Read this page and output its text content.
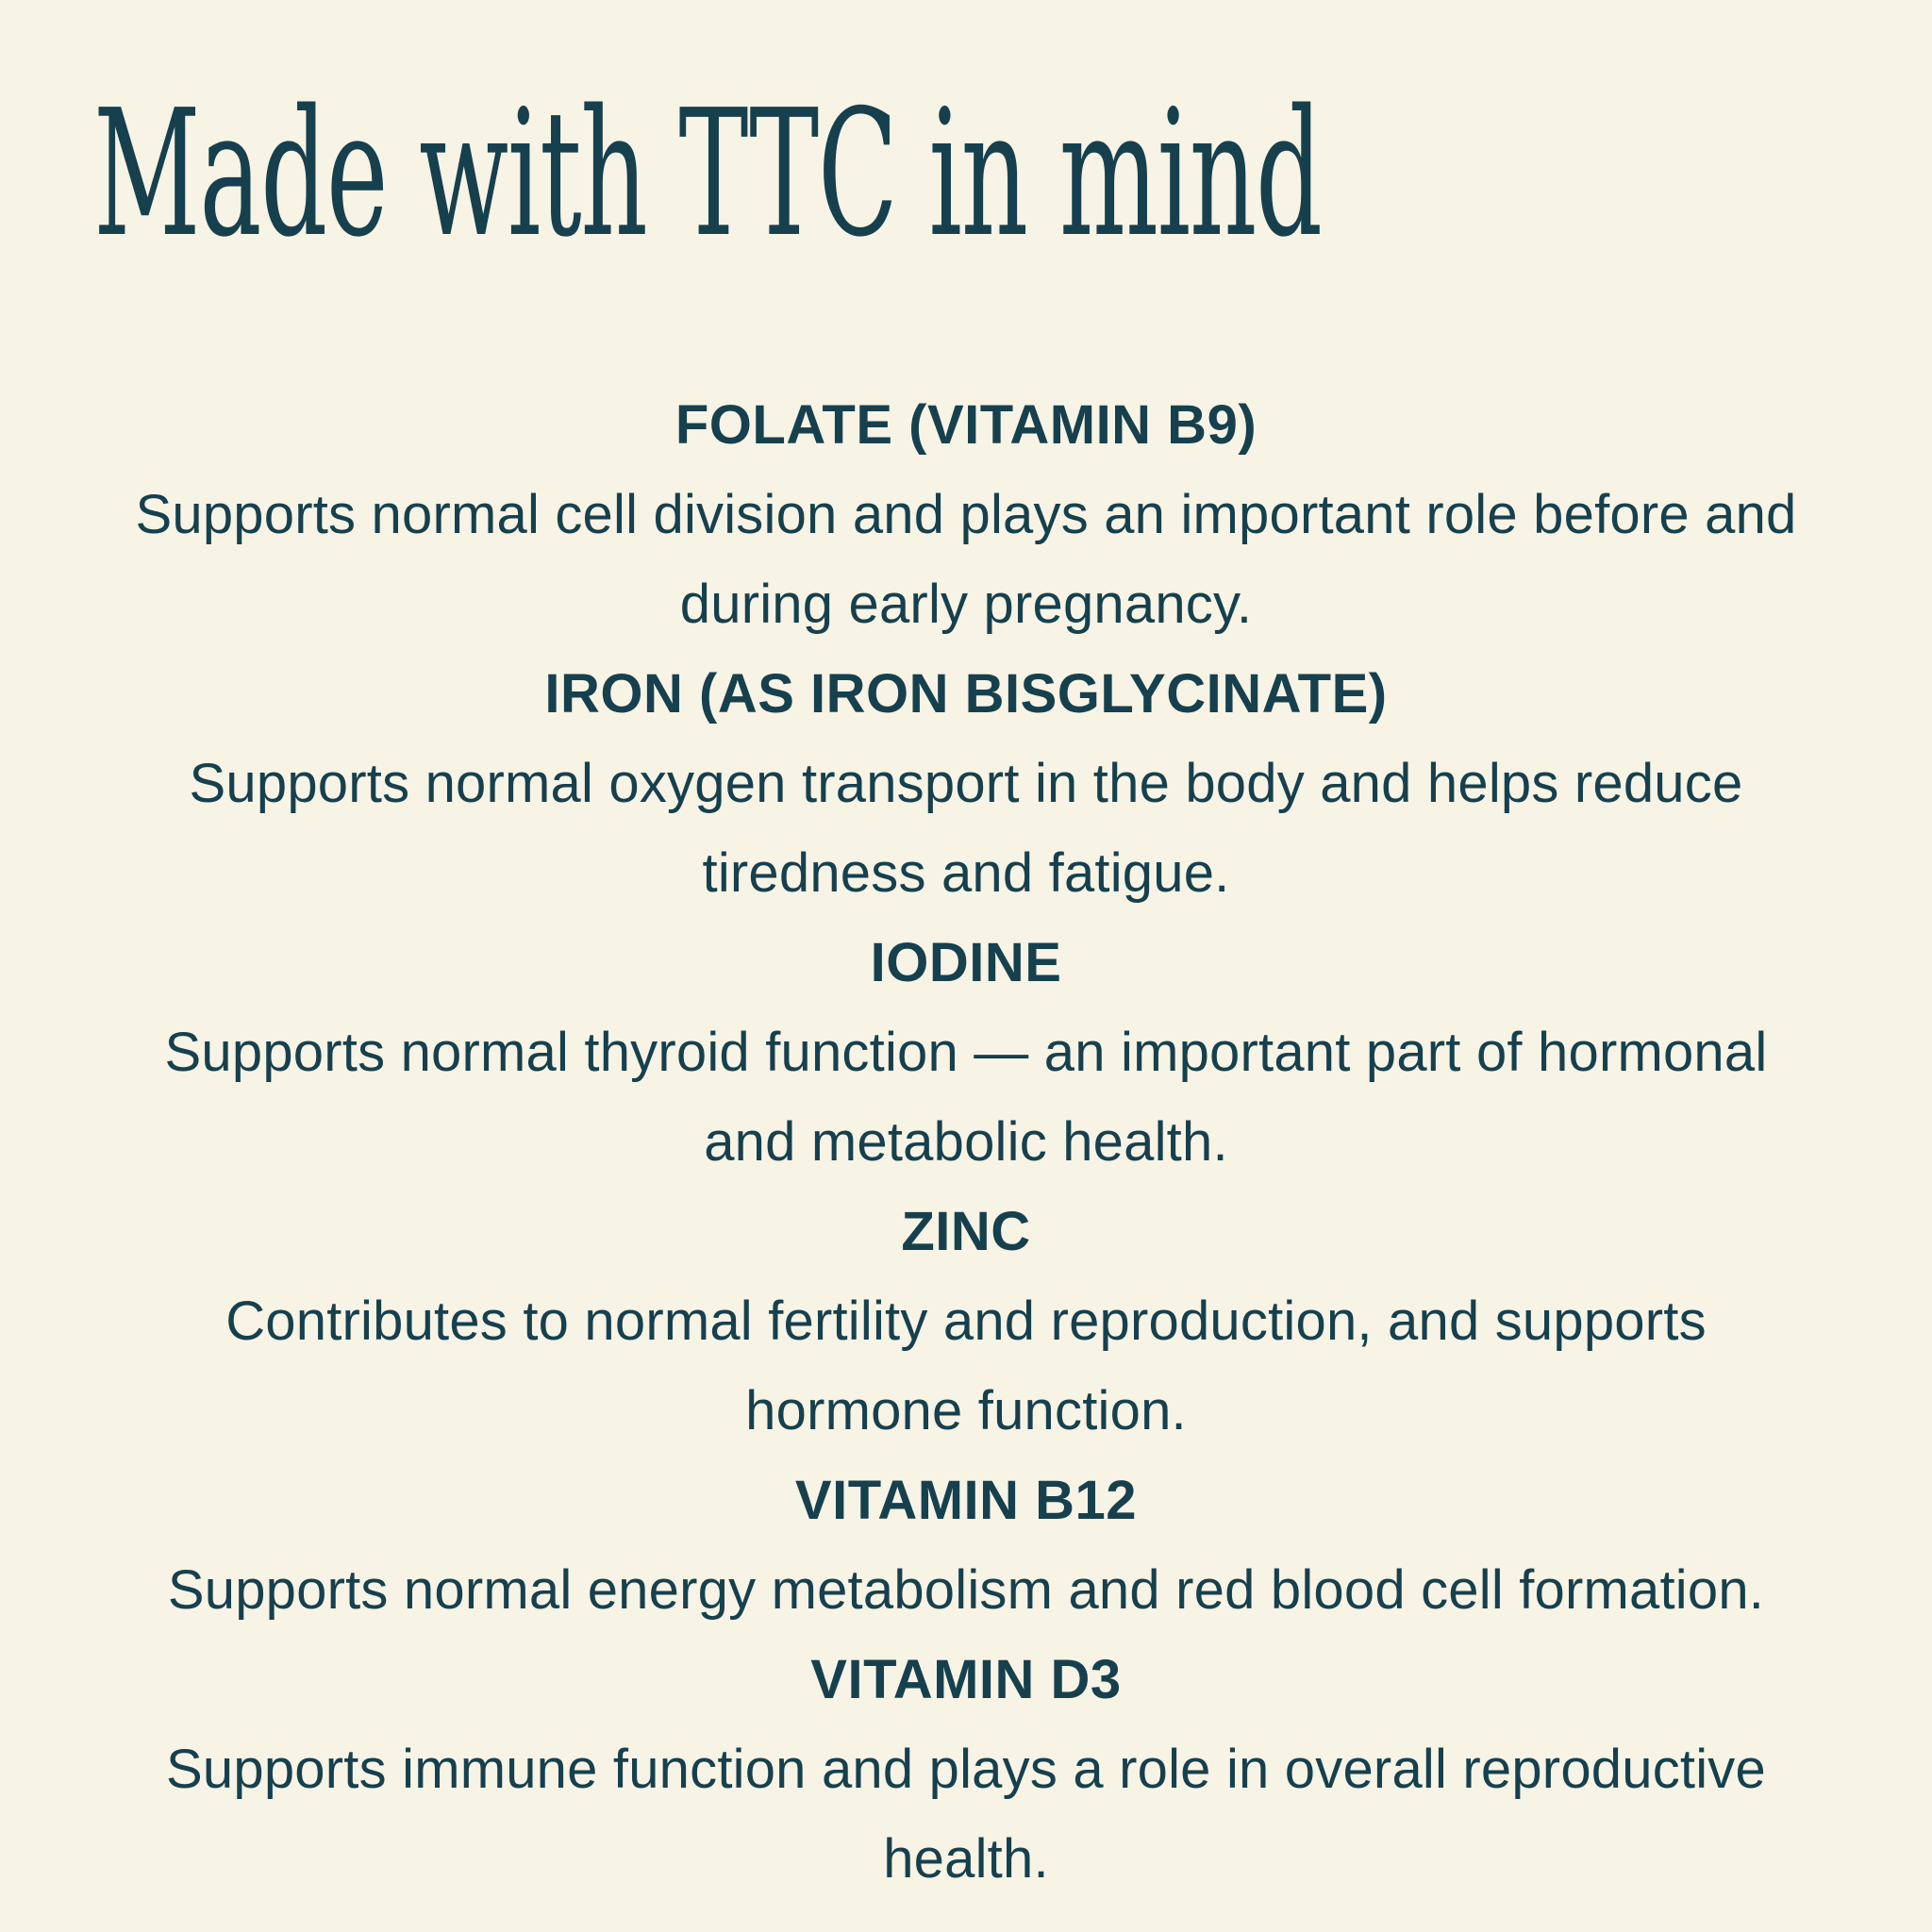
Made with TTC in mind
FOLATE (VITAMIN B9)
Supports normal cell division and plays an important role before and during early pregnancy.
IRON (AS IRON BISGLYCINATE)
Supports normal oxygen transport in the body and helps reduce tiredness and fatigue.
IODINE
Supports normal thyroid function — an important part of hormonal and metabolic health.
ZINC
Contributes to normal fertility and reproduction, and supports hormone function.
VITAMIN B12
Supports normal energy metabolism and red blood cell formation.
VITAMIN D3
Supports immune function and plays a role in overall reproductive health.
